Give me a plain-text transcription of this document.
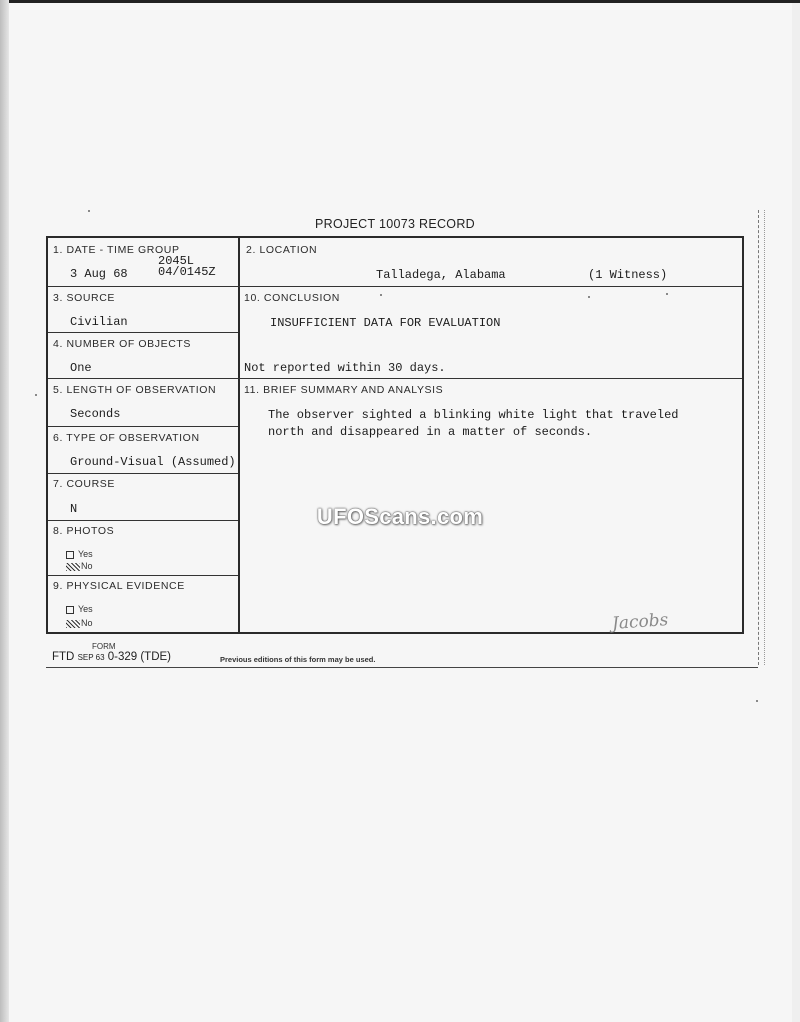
PROJECT 10073 RECORD
1. DATE - TIME GROUP
2045L
3 Aug 68	04/0145Z
2. LOCATION
Talladega, Alabama	(1 Witness)
3. SOURCE
Civilian
10. CONCLUSION
INSUFFICIENT DATA FOR EVALUATION
Not reported within 30 days.
4. NUMBER OF OBJECTS
One
5. LENGTH OF OBSERVATION
Seconds
11. BRIEF SUMMARY AND ANALYSIS
The observer sighted a blinking white light that traveled
north and disappeared in a matter of seconds.
6. TYPE OF OBSERVATION
Ground-Visual (Assumed)
7. COURSE
N
8. PHOTOS
Yes
No
9. PHYSICAL EVIDENCE
Yes
No
UFOScans.com
Jacobs
FORM
FTD SEP 63 0-329 (TDE)	Previous editions of this form may be used.
